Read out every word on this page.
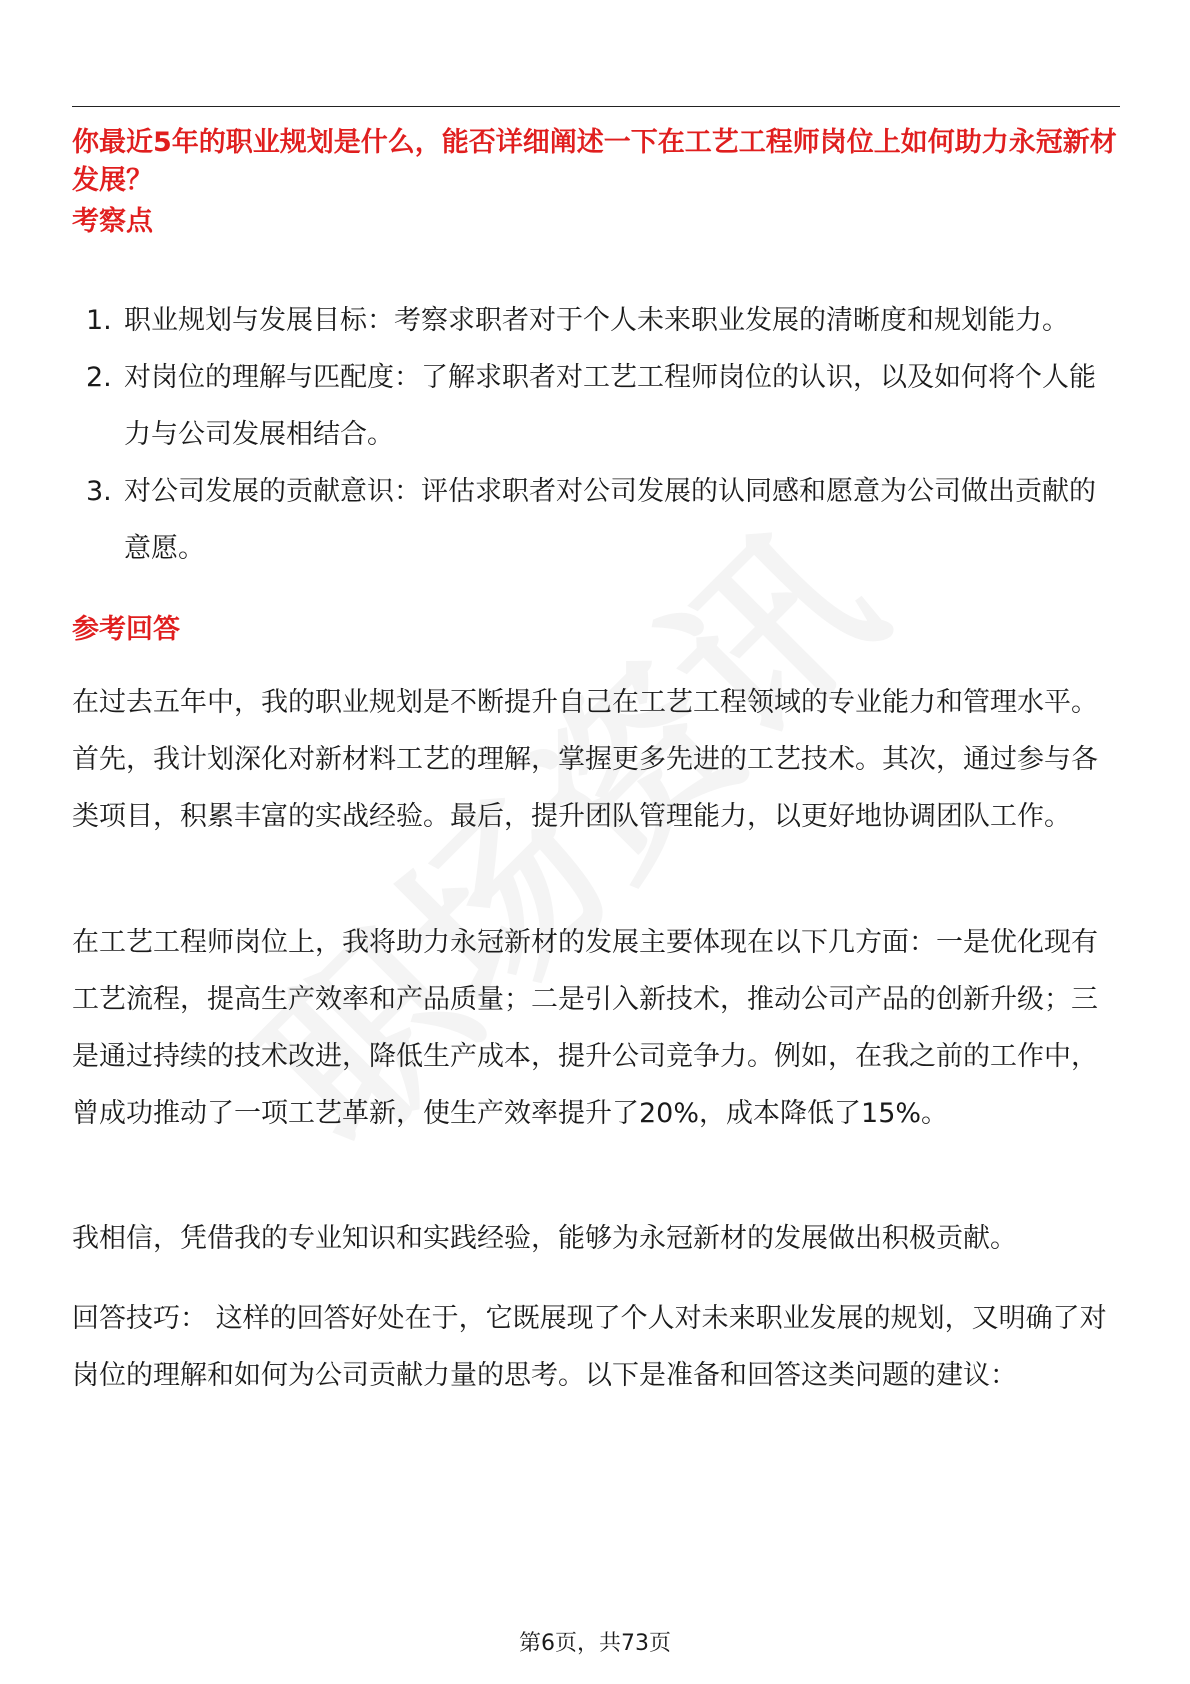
你最近5年的职业规划是什么，能否详细阐述一下在工艺工程师岗位上如何助力永冠新材发展？
考察点
1. 职业规划与发展目标：考察求职者对于个人未来职业发展的清晰度和规划能力。
2. 对岗位的理解与匹配度：了解求职者对工艺工程师岗位的认识，以及如何将个人能力与公司发展相结合。
3. 对公司发展的贡献意识：评估求职者对公司发展的认同感和愿意为公司做出贡献的意愿。
参考回答

在过去五年中，我的职业规划是不断提升自己在工艺工程领域的专业能力和管理水平。首先，我计划深化对新材料工艺的理解，掌握更多先进的工艺技术。其次，通过参与各类项目，积累丰富的实战经验。最后，提升团队管理能力，以更好地协调团队工作。

在工艺工程师岗位上，我将助力永冠新材的发展主要体现在以下几方面：一是优化现有工艺流程，提高生产效率和产品质量；二是引入新技术，推动公司产品的创新升级；三是通过持续的技术改进，降低生产成本，提升公司竞争力。例如，在我之前的工作中，曾成功推动了一项工艺革新，使生产效率提升了20%，成本降低了15%。

我相信，凭借我的专业知识和实践经验，能够为永冠新材的发展做出积极贡献。

回答技巧： 这样的回答好处在于，它既展现了个人对未来职业发展的规划，又明确了对岗位的理解和如何为公司贡献力量的思考。以下是准备和回答这类问题的建议：

第6页，共73页
